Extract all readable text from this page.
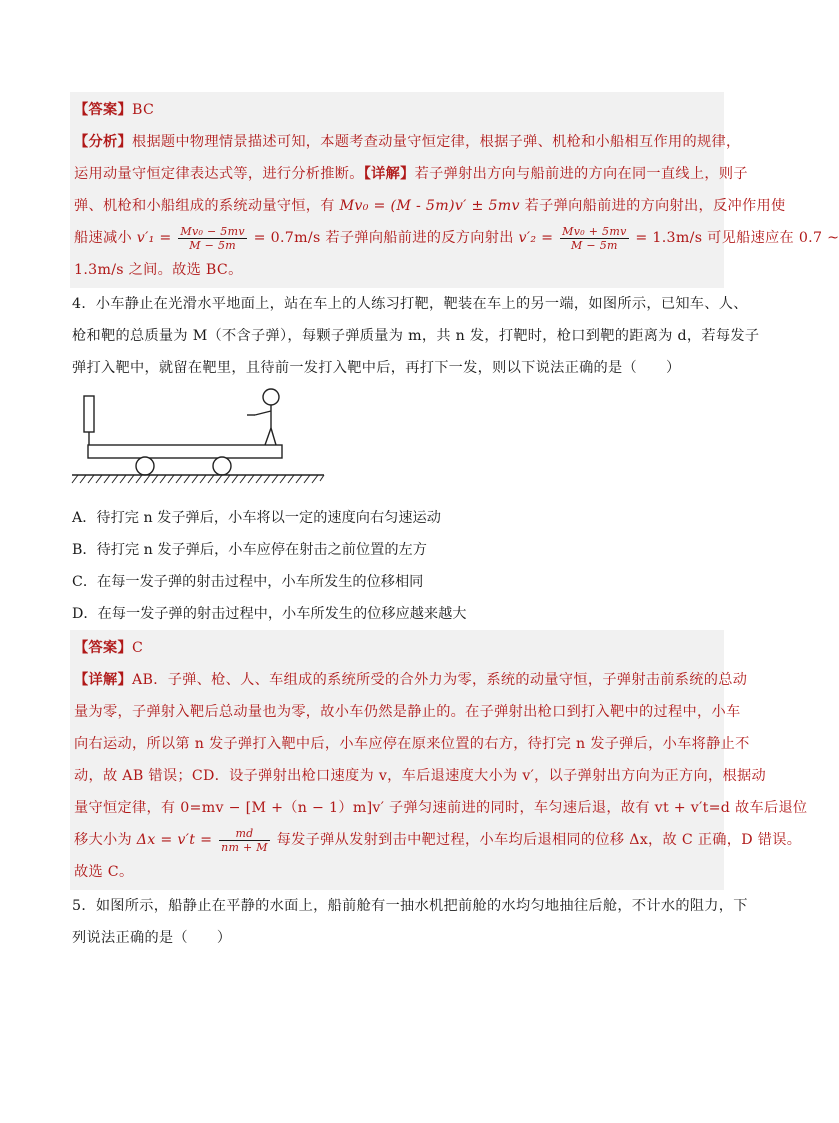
【答案】BC
【分析】根据题中物理情景描述可知，本题考查动量守恒定律，根据子弹、机枪和小船相互作用的规律，
运用动量守恒定律表达式等，进行分析推断。【详解】若子弹射出方向与船前进的方向在同一直线上，则子
弹、机枪和小船组成的系统动量守恒，有 Mv₀ = (M - 5m)v′ ± 5mv 若子弹向船前进的方向射出，反冲作用使
船速减小 $v'_1 = \frac{\text{Mv₀ − 5mv}}{M - 5m} = 0.7m/s$ 若子弹向船前进的反方向射出 $v'_2 = \frac{\text{Mv₀ + 5mv}}{M - 5m} = 1.3m/s$ 可见船速应在 0.7 ~
1.3m/s 之间。故选 BC。
4．小车静止在光滑水平地面上，站在车上的人练习打靶，靶装在车上的另一端，如图所示，已知车、人、
枪和靶的总质量为 M（不含子弹），每颗子弹质量为 m，共 n 发，打靶时，枪口到靶的距离为 d，若每发子
弹打入靶中，就留在靶里，且待前一发打入靶中后，再打下一发，则以下说法正确的是（　　）
A．待打完 n 发子弹后，小车将以一定的速度向右匀速运动
B．待打完 n 发子弹后，小车应停在射击之前位置的左方
C．在每一发子弹的射击过程中，小车所发生的位移相同
D．在每一发子弹的射击过程中，小车所发生的位移应越来越大
【答案】C
【详解】AB．子弹、枪、人、车组成的系统所受的合外力为零，系统的动量守恒，子弹射击前系统的总动
量为零，子弹射入靶后总动量也为零，故小车仍然是静止的。在子弹射出枪口到打入靶中的过程中，小车
向右运动，所以第 n 发子弹打入靶中后，小车应停在原来位置的右方，待打完 n 发子弹后，小车将静止不
动，故 AB 错误；CD．设子弹射出枪口速度为 v，车后退速度大小为 v′，以子弹射出方向为正方向，根据动
量守恒定律，有 0=mv − [M +（n − 1）m]v′ 子弹匀速前进的同时，车匀速后退，故有 vt + v′t=d 故车后退位
移大小为 $\Delta x = v't = \frac{md}{nm + M}$ 每发子弹从发射到击中靶过程，小车均后退相同的位移 Δx，故 C 正确，D 错误。
故选 C。
5．如图所示，船静止在平静的水面上，船前舱有一抽水机把前舱的水均匀地抽往后舱，不计水的阻力，下
列说法正确的是（　　）
